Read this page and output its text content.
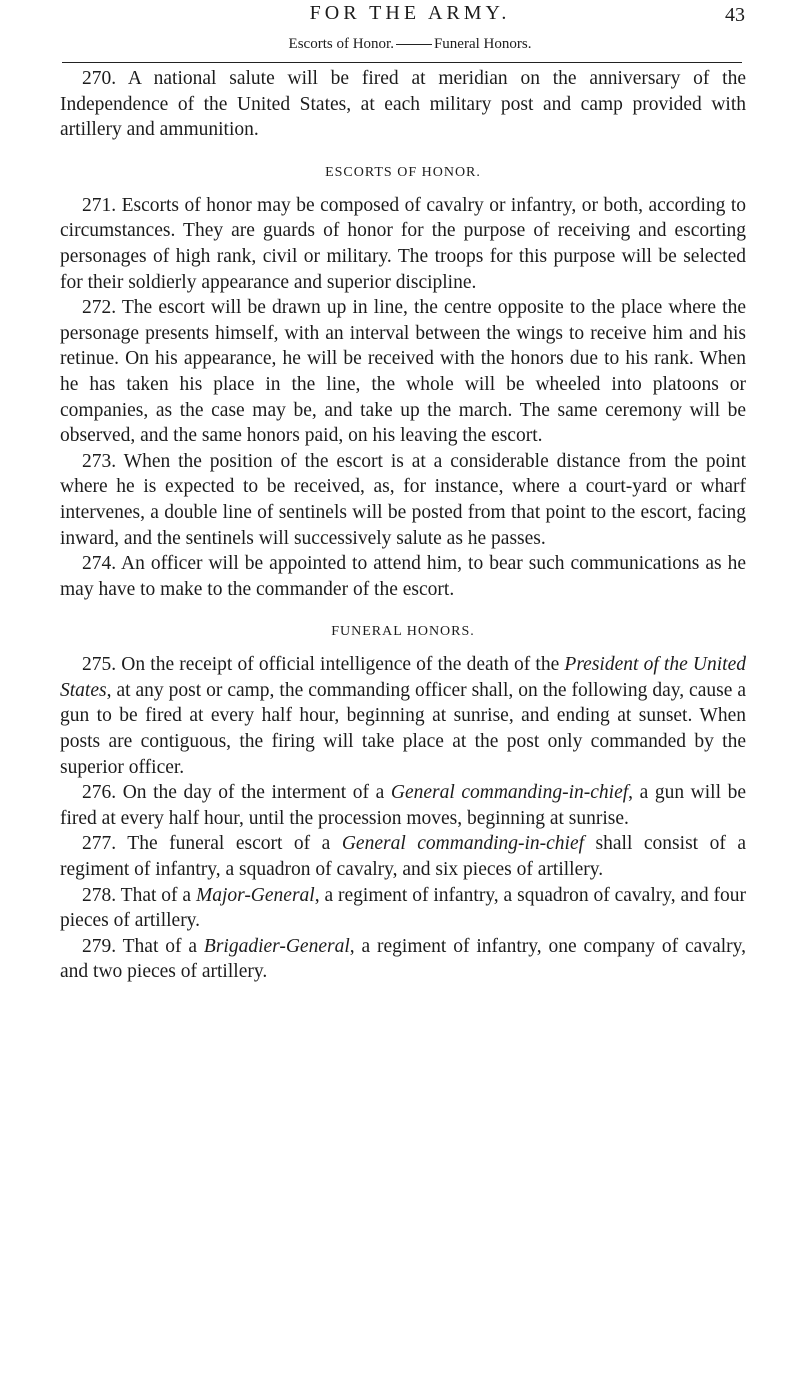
FOR THE ARMY.	43
Escorts of Honor.	Funeral Honors.

270. A national salute will be fired at meridian on the anniversary of the Independence of the United States, at each military post and camp provided with artillery and ammunition.

ESCORTS OF HONOR.

271. Escorts of honor may be composed of cavalry or infantry, or both, according to circumstances. They are guards of honor for the purpose of receiving and escorting personages of high rank, civil or military. The troops for this purpose will be selected for their soldierly appearance and superior discipline.

272. The escort will be drawn up in line, the centre opposite to the place where the personage presents himself, with an interval between the wings to receive him and his retinue. On his appearance, he will be received with the honors due to his rank. When he has taken his place in the line, the whole will be wheeled into platoons or companies, as the case may be, and take up the march. The same ceremony will be observed, and the same honors paid, on his leaving the escort.

273. When the position of the escort is at a considerable distance from the point where he is expected to be received, as, for instance, where a court-yard or wharf intervenes, a double line of sentinels will be posted from that point to the escort, facing inward, and the sentinels will successively salute as he passes.

274. An officer will be appointed to attend him, to bear such communications as he may have to make to the commander of the escort.

FUNERAL HONORS.

275. On the receipt of official intelligence of the death of the President of the United States, at any post or camp, the commanding officer shall, on the following day, cause a gun to be fired at every half hour, beginning at sunrise, and ending at sunset. When posts are contiguous, the firing will take place at the post only commanded by the superior officer.

276. On the day of the interment of a General commanding-in-chief, a gun will be fired at every half hour, until the procession moves, beginning at sunrise.

277. The funeral escort of a General commanding-in-chief shall consist of a regiment of infantry, a squadron of cavalry, and six pieces of artillery.

278. That of a Major-General, a regiment of infantry, a squadron of cavalry, and four pieces of artillery.

279. That of a Brigadier-General, a regiment of infantry, one company of cavalry, and two pieces of artillery.
